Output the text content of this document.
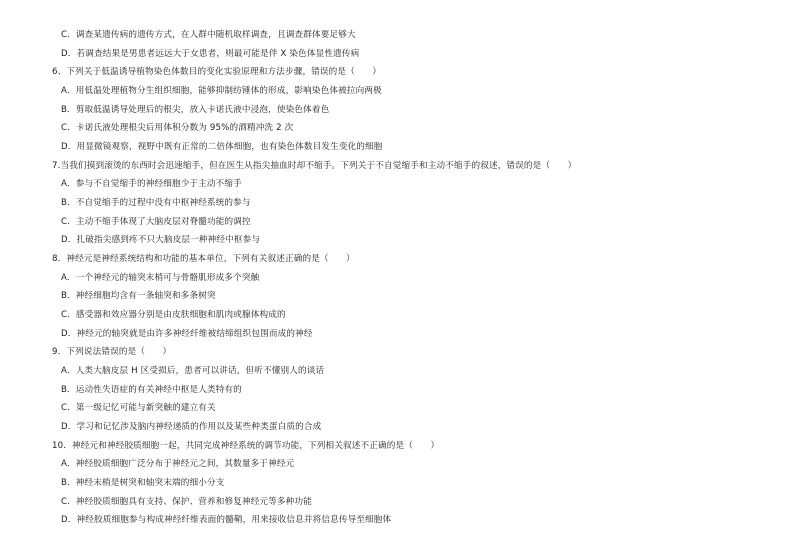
C．调查某遗传病的遗传方式，在人群中随机取样调查，且调查群体要足够大
D．若调查结果是男患者远远大于女患者，则最可能是伴 X 染色体显性遗传病
6、下列关于低温诱导植物染色体数目的变化实验原理和方法步骤，错误的是（　　）
A．用低温处理植物分生组织细胞，能够抑制纺锤体的形成，影响染色体被拉向两极
B．剪取低温诱导处理后的根尖，放入卡诺氏液中浸泡，使染色体着色
C．卡诺氏液处理根尖后用体积分数为 95%的酒精冲洗 2 次
D．用显微镜观察，视野中既有正常的二倍体细胞，也有染色体数目发生变化的细胞
7.当我们摸到滚烫的东西时会迅速缩手，但在医生从指尖抽血时却不缩手。下列关于不自觉缩手和主动不缩手的叙述，错误的是（　　）
A．参与不自觉缩手的神经细胞少于主动不缩手
B．不自觉缩手的过程中没有中枢神经系统的参与
C．主动不缩手体现了大脑皮层对脊髓功能的调控
D．扎破指尖感到疼不只大脑皮层一种神经中枢参与
8．神经元是神经系统结构和功能的基本单位，下列有关叙述正确的是（　　）
A．一个神经元的轴突末梢可与骨骼肌形成多个突触
B．神经细胞均含有一条轴突和多条树突
C．感受器和效应器分别是由皮肤细胞和肌肉或腺体构成的
D．神经元的轴突就是由许多神经纤维被结缔组织包围而成的神经
9．下列说法错误的是（　　）
A．人类大脑皮层 H 区受损后，患者可以讲话，但听不懂别人的谈话
B．运动性失语症的有关神经中枢是人类特有的
C．第一级记忆可能与新突触的建立有关
D．学习和记忆涉及脑内神经递质的作用以及某些种类蛋白质的合成
10．神经元和神经胶质细胞一起，共同完成神经系统的调节功能，下列相关叙述不正确的是（　　）
A．神经胶质细胞广泛分布于神经元之间，其数量多于神经元
B．神经末梢是树突和轴突末端的细小分支
C．神经胶质细胞具有支持、保护、营养和修复神经元等多种功能
D．神经胶质细胞参与构成神经纤维表面的髓鞘，用来接收信息并将信息传导至细胞体
